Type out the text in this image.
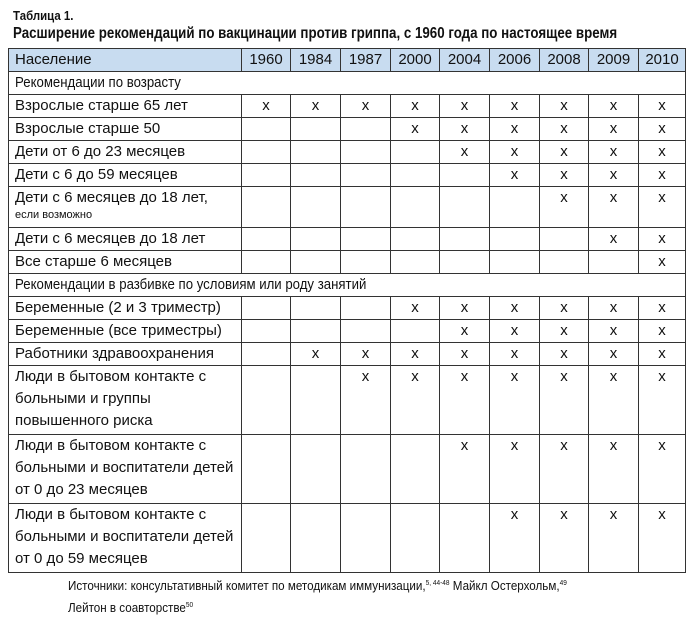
Таблица 1.
Расширение рекомендаций по вакцинации против гриппа, с 1960 года по настоящее время
Население	1960	1984	1987	2000	2004	2006	2008	2009	2010
Рекомендации по возрасту									

Взрослые старше 65 лет	x	x	x	x	x	x	x	x	x

Взрослые старше 50				x	x	x	x	x	x

Дети от 6 до 23 месяцев					x	x	x	x	x

Дети с 6 до 59 месяцев						x	x	x	x

Дети с 6 месяцев до 18 лет,
если возможно							x	x	x

Дети с 6 месяцев до 18 лет								x	x

Все старше 6 месяцев									x
Рекомендации в разбивке по условиям или роду занятий									

Беременные (2 и 3 триместр)				x	x	x	x	x	x

Беременные (все триместры)					x	x	x	x	x

Работники здравоохранения		x	x	x	x	x	x	x	x

Люди в бытовом контакте с
больными и группы
повышенного риска			x	x	x	x	x	x	x

Люди в бытовом контакте с
больными и воспитатели детей
от 0 до 23 месяцев					x	x	x	x	x

Люди в бытовом контакте с
больными и воспитатели детей
от 0 до 59 месяцев						x	x	x	x
Источники: консультативный комитет по методикам иммунизации,$^{5, 44-48}$ Майкл Остерхольм,$^{49}$
Лейтон в соавторстве$^{50}$
